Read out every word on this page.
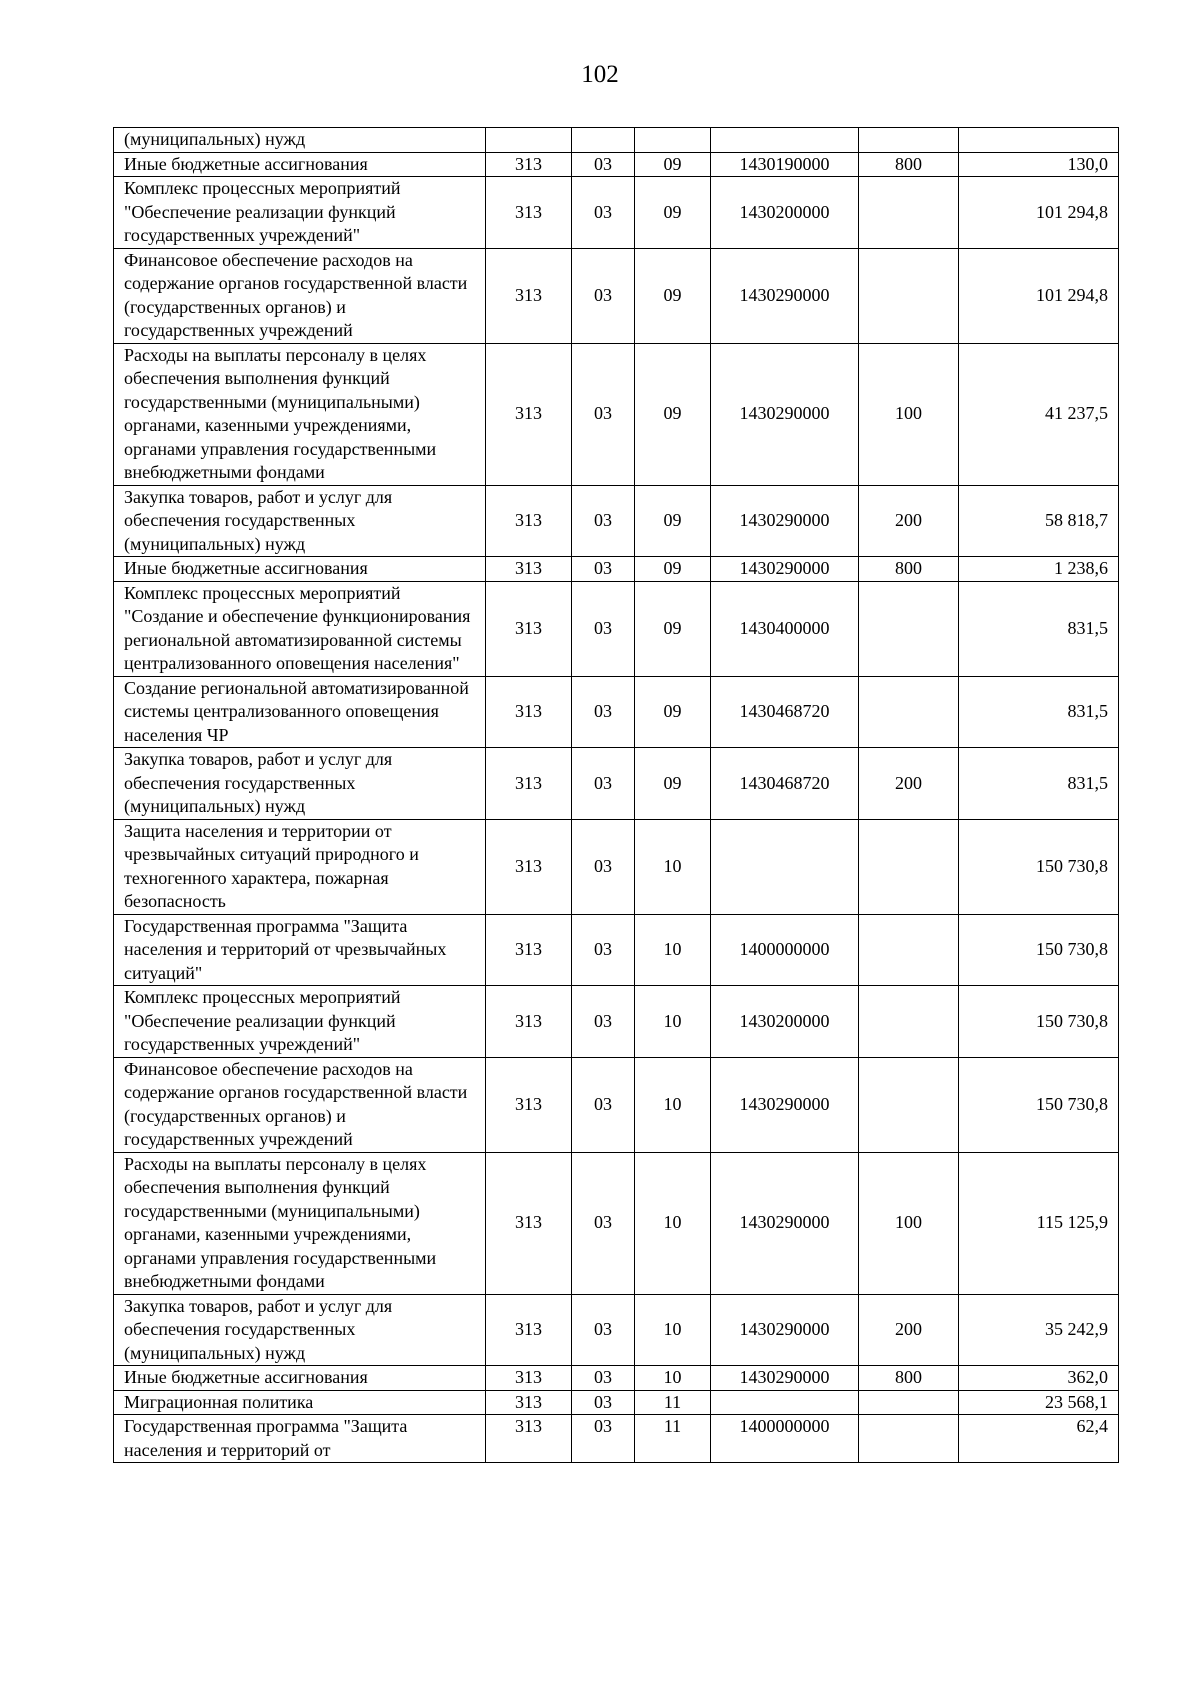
102
(муниципальных) нужд						
Иные бюджетные ассигнования	313	03	09	1430190000	800	130,0
Комплекс процессных мероприятий "Обеспечение реализации функций государственных учреждений"	313	03	09	1430200000		101 294,8
Финансовое обеспечение расходов на содержание органов государственной власти (государственных органов) и государственных учреждений	313	03	09	1430290000		101 294,8
Расходы на выплаты персоналу в целях обеспечения выполнения функций государственными (муниципальными) органами, казенными учреждениями, органами управления государственными внебюджетными фондами	313	03	09	1430290000	100	41 237,5
Закупка товаров, работ и услуг для обеспечения государственных (муниципальных) нужд	313	03	09	1430290000	200	58 818,7
Иные бюджетные ассигнования	313	03	09	1430290000	800	1 238,6
Комплекс процессных мероприятий "Создание и обеспечение функционирования региональной автоматизированной системы централизованного оповещения населения"	313	03	09	1430400000		831,5
Создание региональной автоматизированной системы централизованного оповещения населения ЧР	313	03	09	1430468720		831,5
Закупка товаров, работ и услуг для обеспечения государственных (муниципальных) нужд	313	03	09	1430468720	200	831,5
Защита населения и территории от чрезвычайных ситуаций природного и техногенного характера, пожарная безопасность	313	03	10			150 730,8
Государственная программа "Защита населения и территорий от чрезвычайных ситуаций"	313	03	10	1400000000		150 730,8
Комплекс процессных мероприятий "Обеспечение реализации функций государственных учреждений"	313	03	10	1430200000		150 730,8
Финансовое обеспечение расходов на содержание органов государственной власти (государственных органов) и государственных учреждений	313	03	10	1430290000		150 730,8
Расходы на выплаты персоналу в целях обеспечения выполнения функций государственными (муниципальными) органами, казенными учреждениями, органами управления государственными внебюджетными фондами	313	03	10	1430290000	100	115 125,9
Закупка товаров, работ и услуг для обеспечения государственных (муниципальных) нужд	313	03	10	1430290000	200	35 242,9
Иные бюджетные ассигнования	313	03	10	1430290000	800	362,0
Миграционная политика	313	03	11			23 568,1
Государственная программа "Защита населения и территорий от	313	03	11	1400000000		62,4
